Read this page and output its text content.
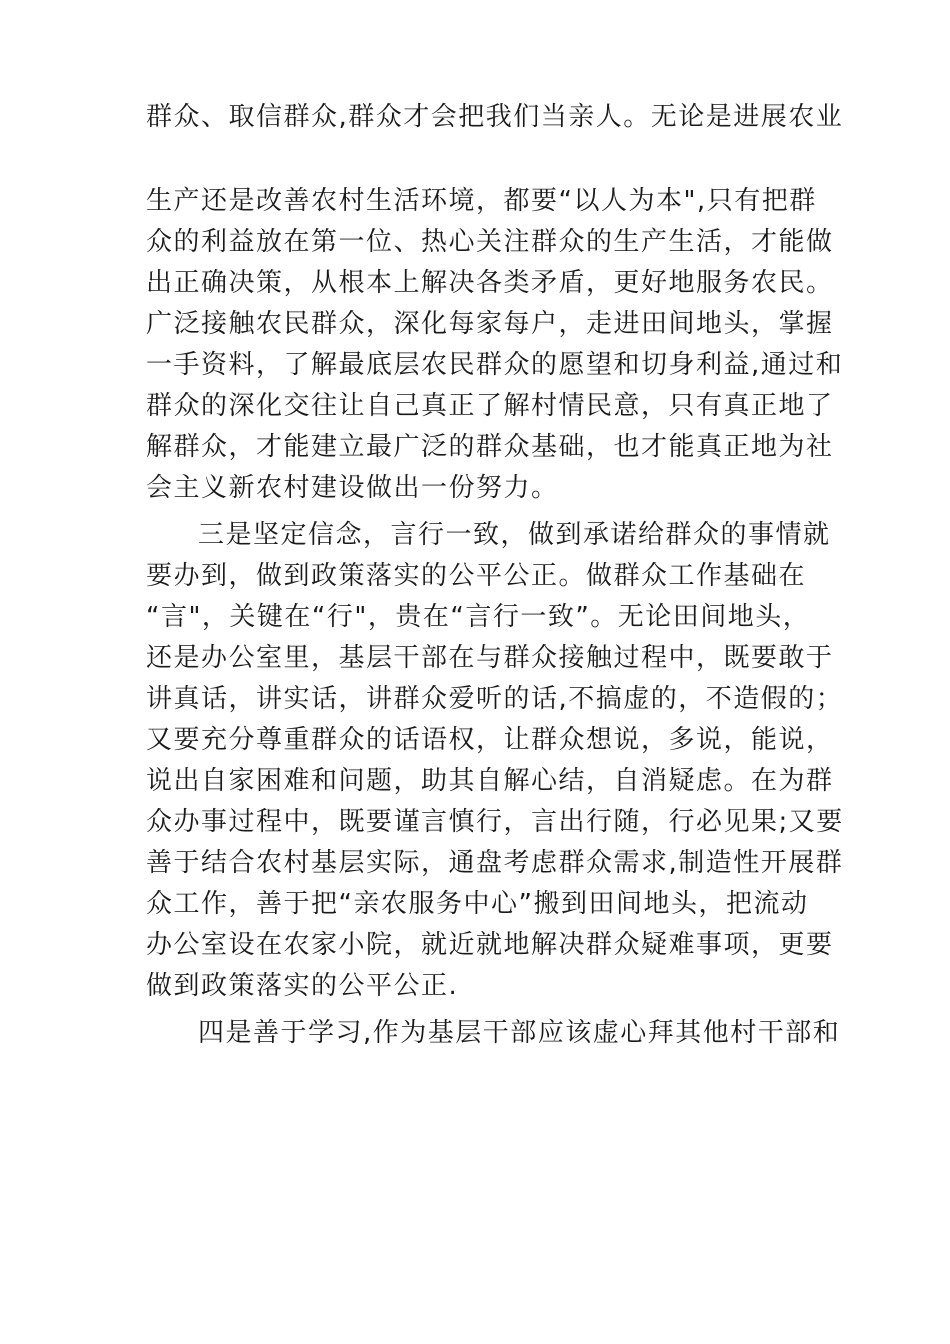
群众、取信群众,群众才会把我们当亲人。无论是进展农业
生产还是改善农村生活环境，都要“以人为本",只有把群
众的利益放在第一位、热心关注群众的生产生活，才能做
出正确决策，从根本上解决各类矛盾，更好地服务农民。
广泛接触农民群众，深化每家每户，走进田间地头，掌握
一手资料，了解最底层农民群众的愿望和切身利益,通过和
群众的深化交往让自己真正了解村情民意，只有真正地了
解群众，才能建立最广泛的群众基础，也才能真正地为社
会主义新农村建设做出一份努力。
三是坚定信念，言行一致，做到承诺给群众的事情就
要办到，做到政策落实的公平公正。做群众工作基础在
“言"，关键在“行"，贵在“言行一致”。无论田间地头，
还是办公室里，基层干部在与群众接触过程中，既要敢于
讲真话，讲实话，讲群众爱听的话,不搞虚的，不造假的；
又要充分尊重群众的话语权，让群众想说，多说，能说，
说出自家困难和问题，助其自解心结，自消疑虑。在为群
众办事过程中，既要谨言慎行，言出行随，行必见果;又要
善于结合农村基层实际，通盘考虑群众需求,制造性开展群
众工作，善于把“亲农服务中心”搬到田间地头，把流动
办公室设在农家小院，就近就地解决群众疑难事项，更要
做到政策落实的公平公正.
四是善于学习,作为基层干部应该虚心拜其他村干部和
